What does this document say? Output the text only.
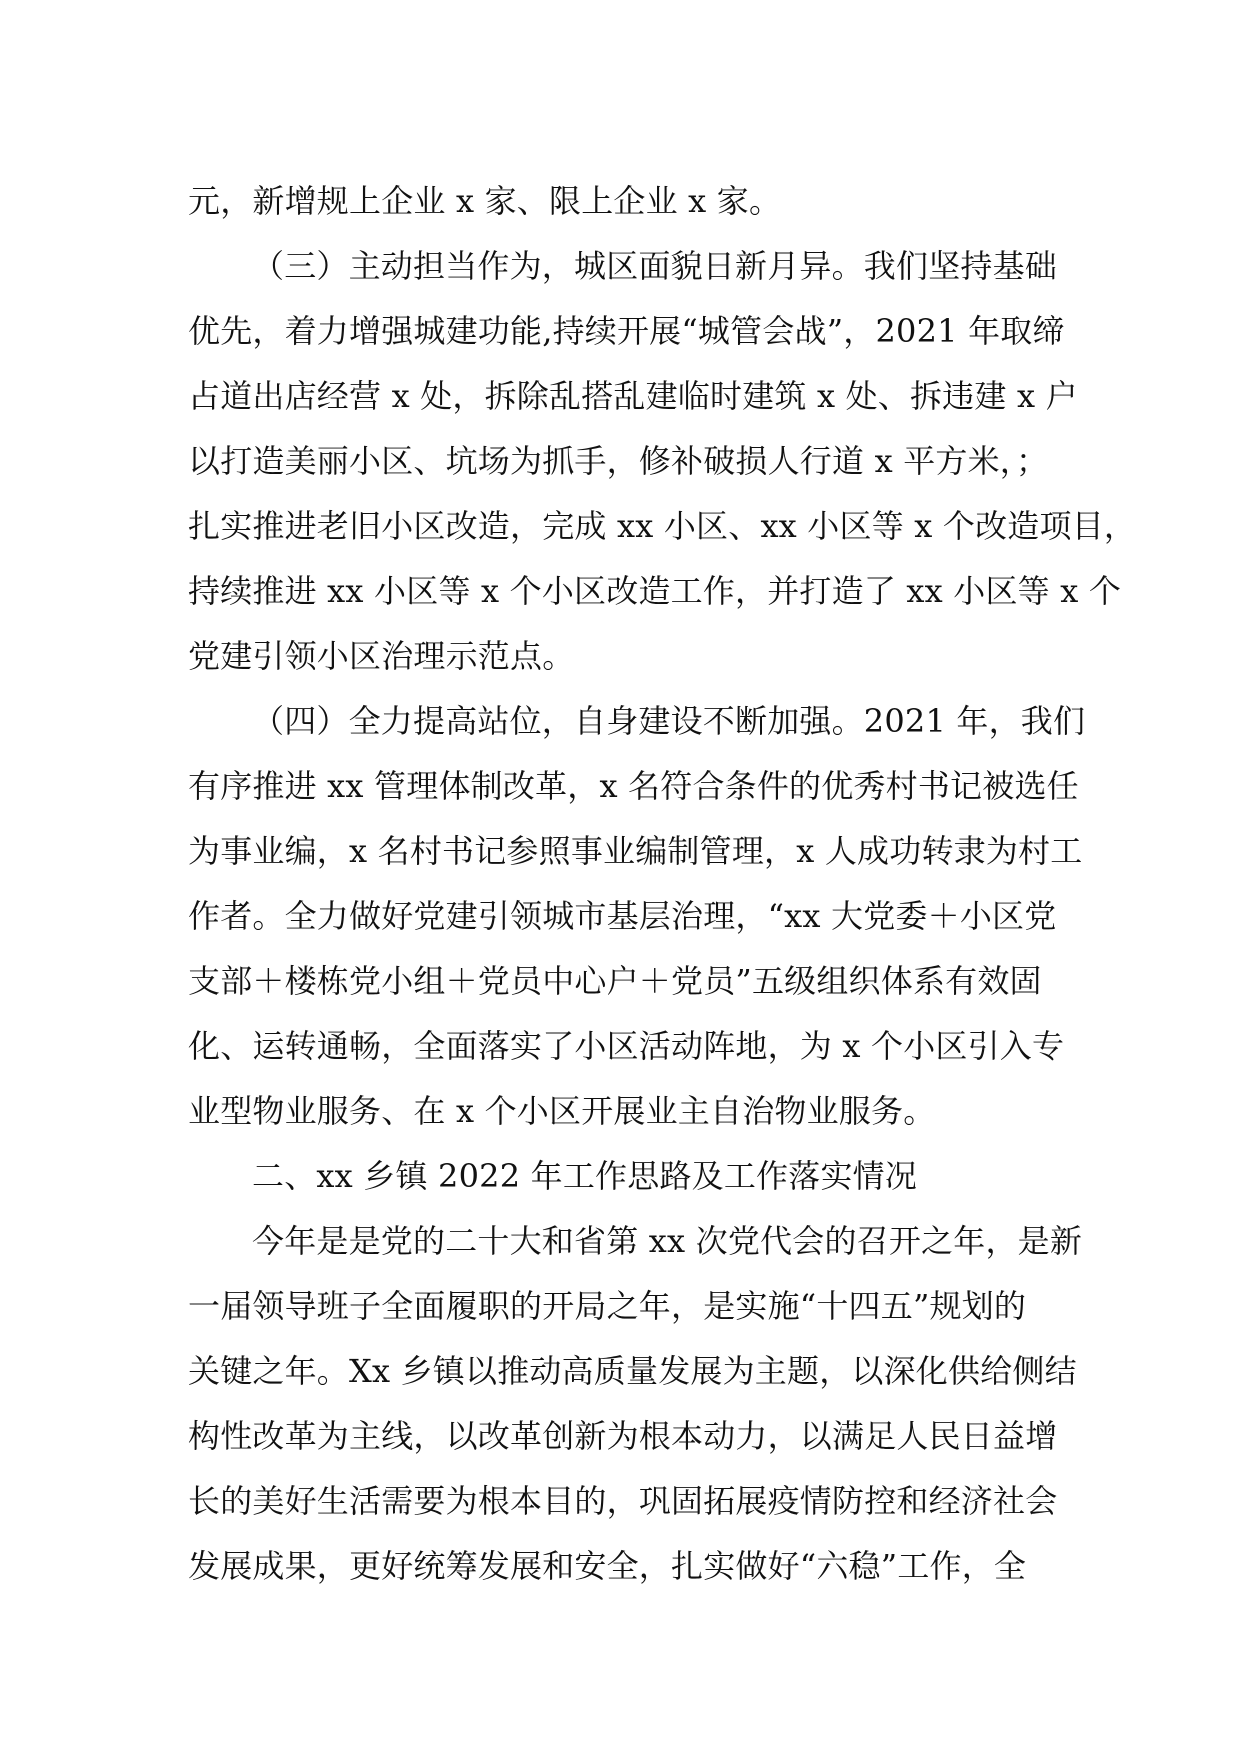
元，新增规上企业 x 家、限上企业 x 家。
（三）主动担当作为，城区面貌日新月异。我们坚持基础
优先，着力增强城建功能,持续开展“城管会战”，2021 年取缔
占道出店经营 x 处，拆除乱搭乱建临时建筑 x 处、拆违建 x 户
以打造美丽小区、坑场为抓手，修补破损人行道 x 平方米，；
扎实推进老旧小区改造，完成 xx 小区、xx 小区等 x 个改造项目，
持续推进 xx 小区等 x 个小区改造工作，并打造了 xx 小区等 x 个
党建引领小区治理示范点。
（四）全力提高站位，自身建设不断加强。2021 年，我们
有序推进 xx 管理体制改革，x 名符合条件的优秀村书记被选任
为事业编，x 名村书记参照事业编制管理，x 人成功转隶为村工
作者。全力做好党建引领城市基层治理，“xx 大党委＋小区党
支部＋楼栋党小组＋党员中心户＋党员”五级组织体系有效固
化、运转通畅，全面落实了小区活动阵地，为 x 个小区引入专
业型物业服务、在 x 个小区开展业主自治物业服务。
二、xx 乡镇 2022 年工作思路及工作落实情况
今年是是党的二十大和省第 xx 次党代会的召开之年，是新
一届领导班子全面履职的开局之年，是实施“十四五”规划的
关键之年。Xx 乡镇以推动高质量发展为主题，以深化供给侧结
构性改革为主线，以改革创新为根本动力，以满足人民日益增
长的美好生活需要为根本目的，巩固拓展疫情防控和经济社会
发展成果，更好统筹发展和安全，扎实做好“六稳”工作，全
